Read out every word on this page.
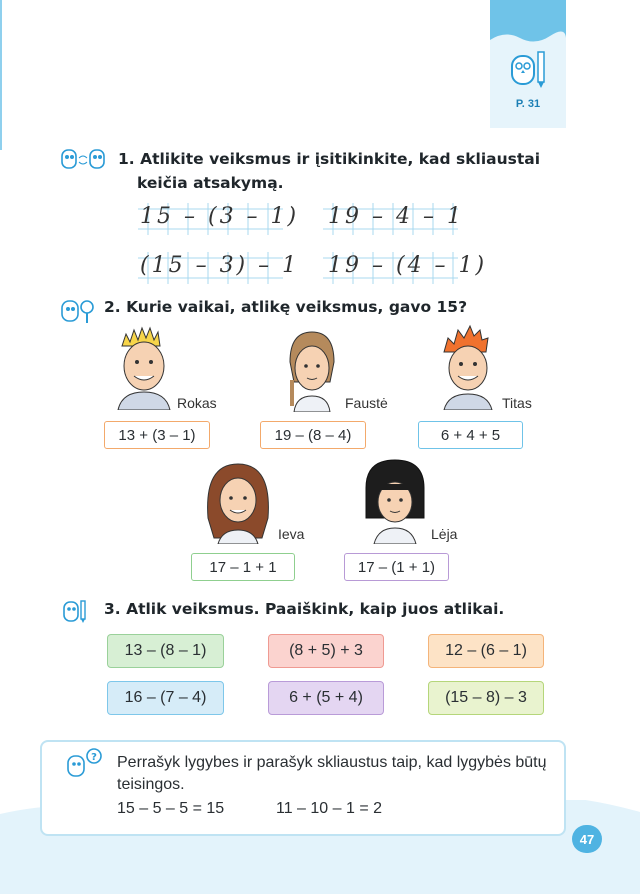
P. 31
1. Atlikite veiksmus ir įsitikinkite, kad skliaustai
keičia atsakymą.
15 – (3 – 1) 19 – 4 – 1
(15 – 3) – 1 19 – (4 – 1)
2. Kurie vaikai, atlikę veiksmus, gavo 15?
Rokas
13 + (3 – 1)
Faustė
19 – (8 – 4)
Titas
6 + 4 + 5
Ieva
17 – 1 + 1
Lėja
17 – (1 + 1)
3. Atlik veiksmus. Paaiškink, kaip juos atlikai.
13 – (8 – 1)	(8 + 5) + 3	12 – (6 – 1)
16 – (7 – 4)	6 + (5 + 4)	(15 – 8) – 3
? Perrašyk lygybes ir parašyk skliaustus taip, kad lygybės būtų teisingos.
15 – 5 – 5 = 15	11 – 10 – 1 = 2
47
